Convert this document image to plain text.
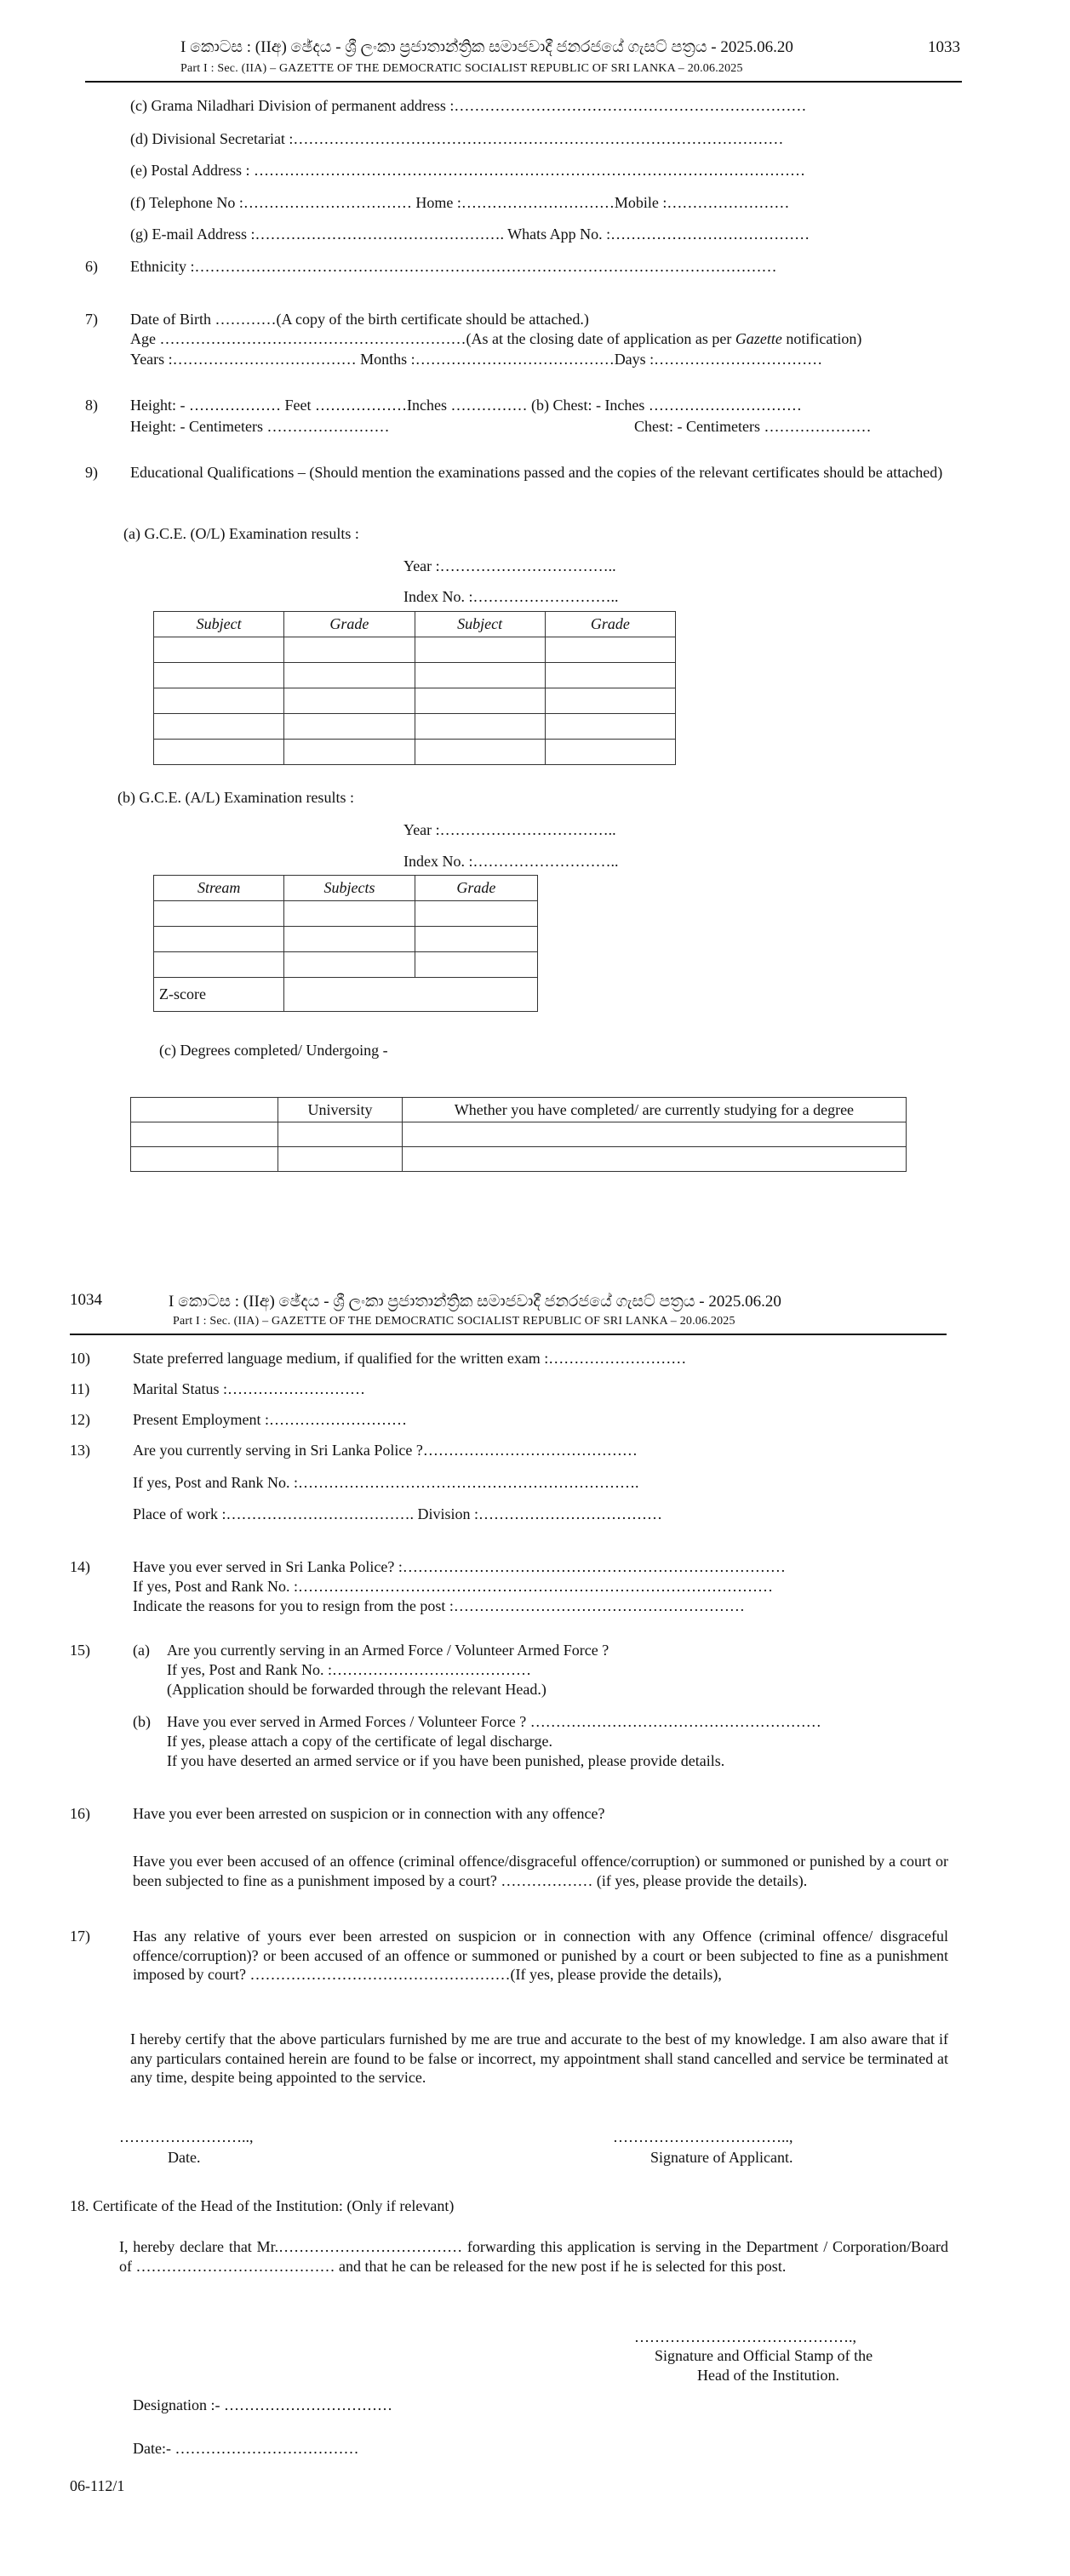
I කොටස : (IIඅ) ඡේදය - ශ්‍රී ලංකා ප්‍රජාතාන්ත්‍රික සමාජවාදී ජනරජයේ ගැසට් පත්‍රය - 2025.06.20	1033
Part I : Sec. (IIA) – GAZETTE OF THE DEMOCRATIC SOCIALIST REPUBLIC OF SRI LANKA – 20.06.2025
(c) Grama Niladhari Division of permanent address :……………………………………………………………
(d) Divisional Secretariat :……………………………………………………………………………………
(e) Postal Address : ………………………………………………………………………………………………
(f) Telephone No :…………………………… Home :…………………………Mobile :……………………
(g) E-mail Address :…………………………………………. Whats App No. :…………………………………
6) Ethnicity :……………………………………………………………………………………………………
7) Date of Birth …………(A copy of the birth certificate should be attached.)
Age ……………………………………………………(As at the closing date of application as per Gazette notification)
Years :……………………………… Months :…………………………………Days :……………………………
8) Height: - ……………… Feet ………………Inches …………… (b) Chest: - Inches …………………………
Height: - Centimeters ……………………	Chest: - Centimeters …………………
9) Educational Qualifications – (Should mention the examinations passed and the copies of the relevant certificates should be attached)
(a) G.C.E. (O/L) Examination results :
Year :……………………………..
Index No. :………………………..
Subject	Grade	Subject	Grade

(b) G.C.E. (A/L) Examination results :
Year :……………………………..
Index No. :………………………..
Stream	Subjects	Grade

Z-score		
(c) Degrees completed/ Undergoing -
	University	Whether you have completed/ are currently studying for a degree

1034	I කොටස : (IIඅ) ඡේදය - ශ්‍රී ලංකා ප්‍රජාතාන්ත්‍රික සමාජවාදී ජනරජයේ ගැසට් පත්‍රය - 2025.06.20
Part I : Sec. (IIA) – GAZETTE OF THE DEMOCRATIC SOCIALIST REPUBLIC OF SRI LANKA – 20.06.2025
10)	State preferred language medium, if qualified for the written exam :………………………
11)	Marital Status :………………………
12)	Present Employment :………………………
13)	Are you currently serving in Sri Lanka Police ?……………………………………
If yes, Post and Rank No. :………………………………………………………….
Place of work :………………………………. Division :………………………………
14)	Have you ever served in Sri Lanka Police? :…………………………………………………………………
If yes, Post and Rank No. :…………………………………………………………………………………
Indicate the reasons for you to resign from the post :…………………………………………………
15)	(a) Are you currently serving in an Armed Force / Volunteer Armed Force ?
If yes, Post and Rank No. :…………………………………
(Application should be forwarded through the relevant Head.)
(b) Have you ever served in Armed Forces / Volunteer Force ? …………………………………………………
If yes, please attach a copy of the certificate of legal discharge.
If you have deserted an armed service or if you have been punished, please provide details.
16)	Have you ever been arrested on suspicion or in connection with any offence?
Have you ever been accused of an offence (criminal offence/disgraceful offence/corruption) or summoned or punished by a court or been subjected to fine as a punishment imposed by a court? ……………… (if yes, please provide the details).
17)	Has any relative of yours ever been arrested on suspicion or in connection with any Offence (criminal offence/ disgraceful offence/corruption)? or been accused of an offence or summoned or punished by a court or been subjected to fine as a punishment imposed by court? ……………………………………………(If yes, please provide the details),
I hereby certify that the above particulars furnished by me are true and accurate to the best of my knowledge. I am also aware that if any particulars contained herein are found to be false or incorrect, my appointment shall stand cancelled and service be terminated at any time, despite being appointed to the service.
……………………..,
Date.
……………………………..,
Signature of Applicant.
18. Certificate of the Head of the Institution: (Only if relevant)
I, hereby declare that Mr.……………………………… forwarding this application is serving in the Department / Corporation/Board of ………………………………… and that he can be released for the new post if he is selected for this post.
…………………………………….,
Signature and Official Stamp of the
Head of the Institution.
Designation :- ……………………………
Date:- ………………………………
06-112/1
